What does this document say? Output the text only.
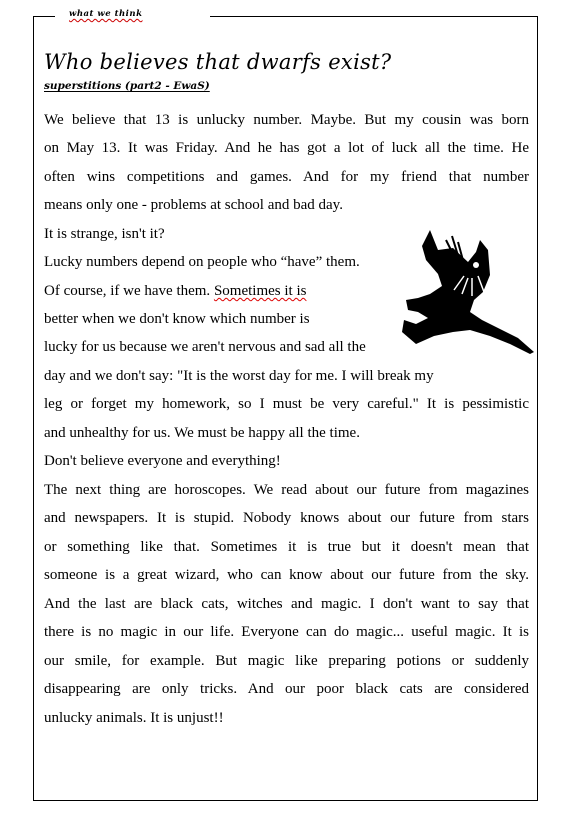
what we think
Who believes that dwarfs exist?
superstitions (part2 - EwaS)
We believe that 13 is unlucky number. Maybe. But my cousin was born
on May 13. It was Friday. And he has got a lot of luck all the time. He
often wins competitions and games. And for my friend that number
means only one - problems at school and bad day.
It is strange, isn't it?
Lucky numbers depend on people who “have” them.
Of course, if we have them. Sometimes it is
better when we don't know which number is
lucky for us because we aren't nervous and sad all the
day and we don't say: "It is the worst day for me. I will break my
leg or forget my homework, so I must be very careful." It is pessimistic
and unhealthy for us. We must be happy all the time.
Don't believe everyone and everything!
The next thing are horoscopes. We read about our future from magazines
and newspapers. It is stupid. Nobody knows about our future from stars
or something like that. Sometimes it is true but it doesn't mean that
someone is a great wizard, who can know about our future from the sky.
And the last are black cats, witches and magic. I don't want to say that
there is no magic in our life. Everyone can do magic... useful magic. It is
our smile, for example. But magic like preparing potions or suddenly
disappearing are only tricks. And our poor black cats are considered
unlucky animals. It is unjust!!
